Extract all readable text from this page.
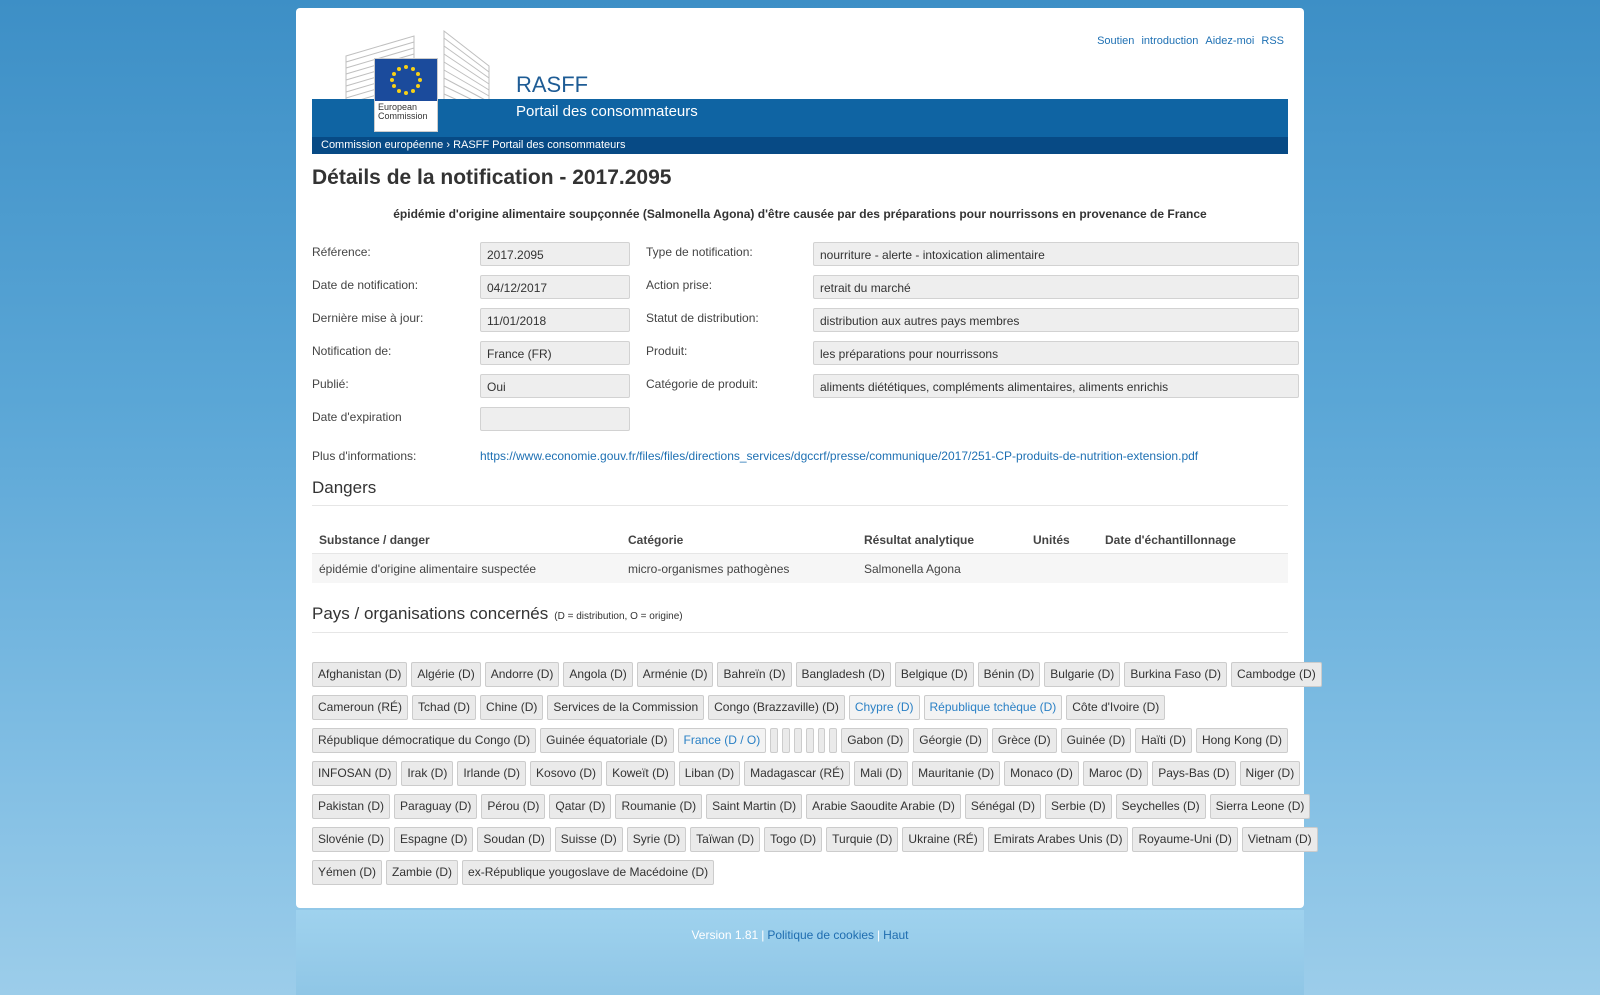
Soutien introduction Aidez-moi RSS
European
Commission
RASFF
Portail des consommateurs
Commission européenne › RASFF Portail des consommateurs
Détails de la notification - 2017.2095
épidémie d'origine alimentaire soupçonnée (Salmonella Agona) d'être causée par des préparations pour nourrissons en provenance de France
Référence:	2017.2095
Date de notification:	04/12/2017
Dernière mise à jour:	11/01/2018
Notification de:	France (FR)
Publié:	Oui
Date d'expiration
Type de notification:	nourriture - alerte - intoxication alimentaire
Action prise:	retrait du marché
Statut de distribution:	distribution aux autres pays membres
Produit:	les préparations pour nourrissons
Catégorie de produit:	aliments diététiques, compléments alimentaires, aliments enrichis
Plus d'informations:	https://www.economie.gouv.fr/files/files/directions_services/dgccrf/presse/communique/2017/251-CP-produits-de-nutrition-extension.pdf
Dangers
Substance / danger	Catégorie	Résultat analytique	Unités	Date d'échantillonnage
épidémie d'origine alimentaire suspectée	micro-organismes pathogènes	Salmonella Agona		
Pays / organisations concernés (D = distribution, O = origine)
Afghanistan (D)	Algérie (D)	Andorre (D)	Angola (D)	Arménie (D)	Bahreïn (D)	Bangladesh (D)	Belgique (D)	Bénin (D)	Bulgarie (D)	Burkina Faso (D)	Cambodge (D)
Cameroun (RÉ)	Tchad (D)	Chine (D)	Services de la Commission	Congo (Brazzaville) (D)	Chypre (D)	République tchèque (D)	Côte d'Ivoire (D)
République démocratique du Congo (D)	Guinée équatoriale (D)	France (D / O)	Gabon (D)	Géorgie (D)	Grèce (D)	Guinée (D)	Haïti (D)	Hong Kong (D)
INFOSAN (D)	Irak (D)	Irlande (D)	Kosovo (D)	Koweït (D)	Liban (D)	Madagascar (RÉ)	Mali (D)	Mauritanie (D)	Monaco (D)	Maroc (D)	Pays-Bas (D)	Niger (D)
Pakistan (D)	Paraguay (D)	Pérou (D)	Qatar (D)	Roumanie (D)	Saint Martin (D)	Arabie Saoudite Arabie (D)	Sénégal (D)	Serbie (D)	Seychelles (D)	Sierra Leone (D)
Slovénie (D)	Espagne (D)	Soudan (D)	Suisse (D)	Syrie (D)	Taïwan (D)	Togo (D)	Turquie (D)	Ukraine (RÉ)	Emirats Arabes Unis (D)	Royaume-Uni (D)	Vietnam (D)
Yémen (D)	Zambie (D)	ex-République yougoslave de Macédoine (D)
Version 1.81 | Politique de cookies | Haut
